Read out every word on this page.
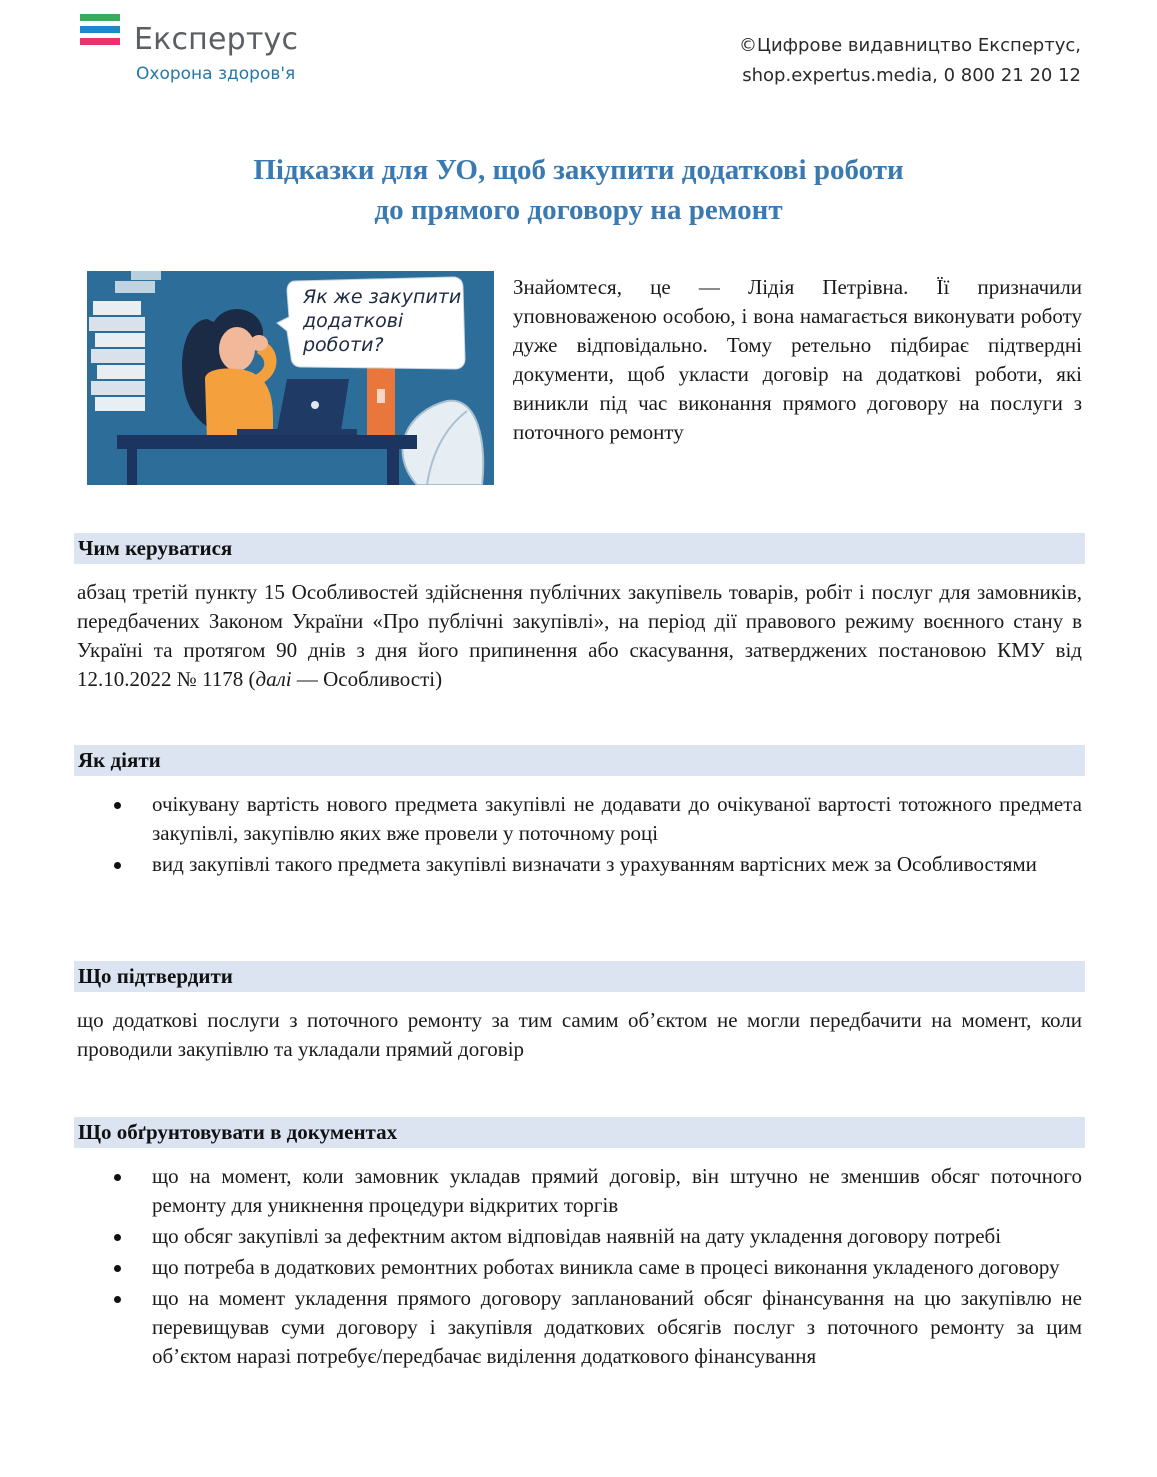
Експертус
Охорона здоров'я
©Цифрове видавництво Експертус,
shop.expertus.media, 0 800 21 20 12
Підказки для УО, щоб закупити додаткові роботи
до прямого договору на ремонт
Як же закупити
додаткові
роботи?
Знайомтеся, це — Лідія Петрівна. Її призначили уповноваженою особою, і вона намагається виконувати роботу дуже відповідально. Тому ретельно підбирає підтвердні документи, щоб укласти договір на додаткові роботи, які виникли під час виконання прямого договору на послуги з поточного ремонту
Чим керуватися
абзац третій пункту 15 Особливостей здійснення публічних закупівель товарів, робіт і послуг для замовників, передбачених Законом України «Про публічні закупівлі», на період дії правового режиму воєнного стану в Україні та протягом 90 днів з дня його припинення або скасування, затверджених постановою КМУ від 12.10.2022 № 1178 (далі — Особливості)
Як діяти
очікувану вартість нового предмета закупівлі не додавати до очікуваної вартості тотожного предмета закупівлі, закупівлю яких вже провели у поточному році
вид закупівлі такого предмета закупівлі визначати з урахуванням вартісних меж за Особливостями
Що підтвердити
що додаткові послуги з поточного ремонту за тим самим об’єктом не могли передбачити на момент, коли проводили закупівлю та укладали прямий договір
Що обґрунтовувати в документах
що на момент, коли замовник укладав прямий договір, він штучно не зменшив обсяг поточного ремонту для уникнення процедури відкритих торгів
що обсяг закупівлі за дефектним актом відповідав наявній на дату укладення договору потребі
що потреба в додаткових ремонтних роботах виникла саме в процесі виконання укладеного договору
що на момент укладення прямого договору запланований обсяг фінансування на цю закупівлю не перевищував суми договору і закупівля додаткових обсягів послуг з поточного ремонту за цим об’єктом наразі потребує/передбачає виділення додаткового фінансування
